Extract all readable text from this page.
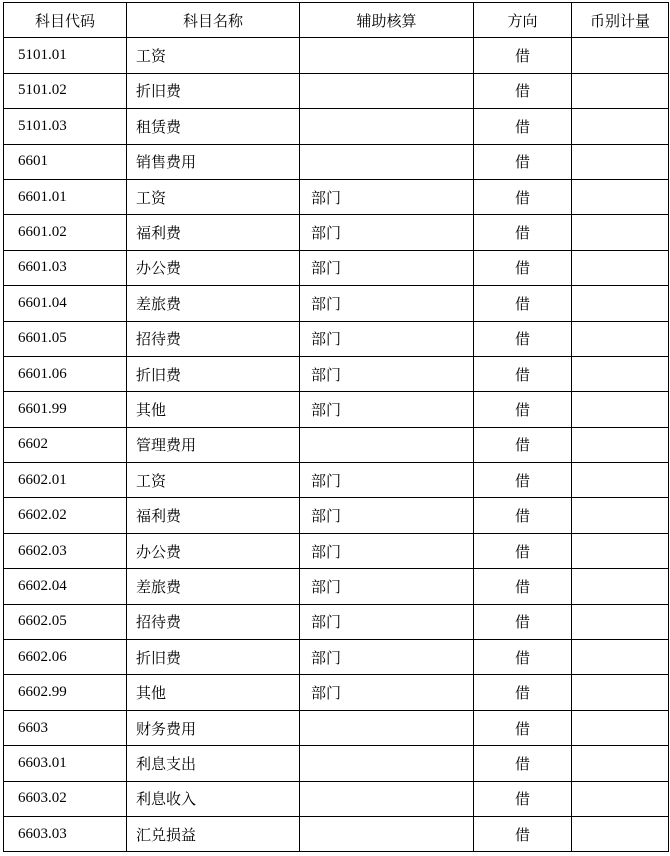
科目代码	科目名称	辅助核算	方向	币别计量
5101.01	工资		借	
5101.02	折旧费		借	
5101.03	租赁费		借	
6601	销售费用		借	
6601.01	工资	部门	借	
6601.02	福利费	部门	借	
6601.03	办公费	部门	借	
6601.04	差旅费	部门	借	
6601.05	招待费	部门	借	
6601.06	折旧费	部门	借	
6601.99	其他	部门	借	
6602	管理费用		借	
6602.01	工资	部门	借	
6602.02	福利费	部门	借	
6602.03	办公费	部门	借	
6602.04	差旅费	部门	借	
6602.05	招待费	部门	借	
6602.06	折旧费	部门	借	
6602.99	其他	部门	借	
6603	财务费用		借	
6603.01	利息支出		借	
6603.02	利息收入		借	
6603.03	汇兑损益		借	
